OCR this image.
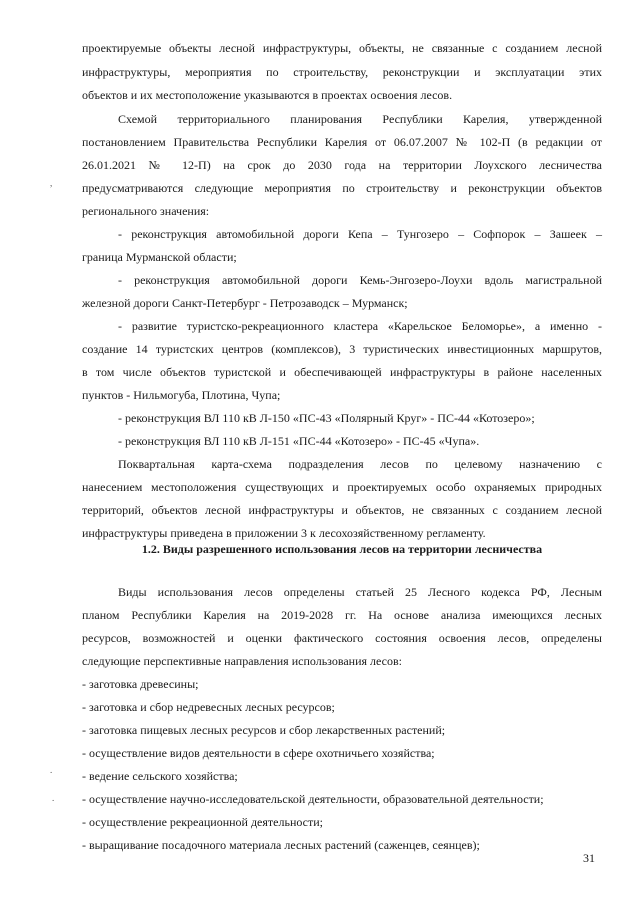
,
.
.
проектируемые объекты лесной инфраструктуры, объекты, не связанные с созданием лесной
инфраструктуры, мероприятия по строительству, реконструкции и эксплуатации этих
объектов и их местоположение указываются в проектах освоения лесов.
Схемой территориального планирования Республики Карелия, утвержденной
постановлением Правительства Республики Карелия от 06.07.2007 № 102-П (в редакции от
26.01.2021 № 12-П) на срок до 2030 года на территории Лоухского лесничества
предусматриваются следующие мероприятия по строительству и реконструкции объектов
регионального значения:
- реконструкция автомобильной дороги Кепа – Тунгозеро – Софпорок – Зашеек –
граница Мурманской области;
- реконструкция автомобильной дороги Кемь-Энгозеро-Лоухи вдоль магистральной
железной дороги Санкт-Петербург - Петрозаводск – Мурманск;
- развитие туристско-рекреационного кластера «Карельское Беломорье», а именно -
создание 14 туристских центров (комплексов), 3 туристических инвестиционных маршрутов,
в том числе объектов туристской и обеспечивающей инфраструктуры в районе населенных
пунктов - Нильмогуба, Плотина, Чупа;
- реконструкция ВЛ 110 кВ Л-150 «ПС-43 «Полярный Круг» - ПС-44 «Котозеро»;
- реконструкция ВЛ 110 кВ Л-151 «ПС-44 «Котозеро» - ПС-45 «Чупа».
Поквартальная карта-схема подразделения лесов по целевому назначению с
нанесением местоположения существующих и проектируемых особо охраняемых природных
территорий, объектов лесной инфраструктуры и объектов, не связанных с созданием лесной
инфраструктуры приведена в приложении 3 к лесохозяйственному регламенту.
1.2. Виды разрешенного использования лесов на территории лесничества
Виды использования лесов определены статьей 25 Лесного кодекса РФ, Лесным
планом Республики Карелия на 2019-2028 гг. На основе анализа имеющихся лесных
ресурсов, возможностей и оценки фактического состояния освоения лесов, определены
следующие перспективные направления использования лесов:
- заготовка древесины;
- заготовка и сбор недревесных лесных ресурсов;
- заготовка пищевых лесных ресурсов и сбор лекарственных растений;
- осуществление видов деятельности в сфере охотничьего хозяйства;
- ведение сельского хозяйства;
- осуществление научно-исследовательской деятельности, образовательной деятельности;
- осуществление рекреационной деятельности;
- выращивание посадочного материала лесных растений (саженцев, сеянцев);
31
